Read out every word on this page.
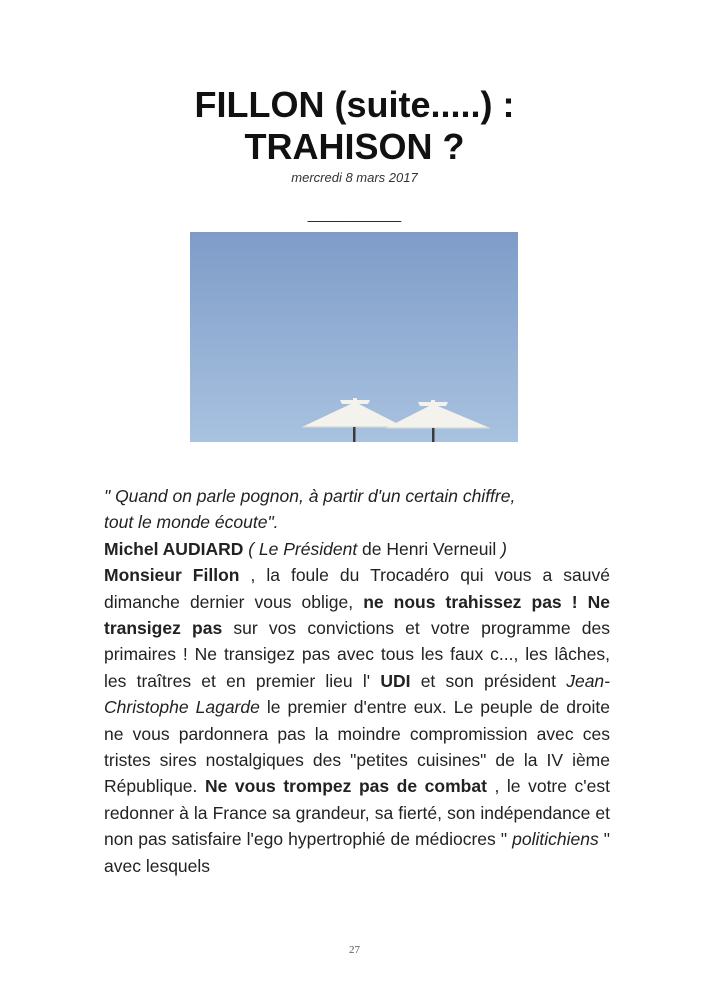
FILLON (suite.....) :
TRAHISON ?
mercredi 8 mars 2017
____________

" Quand on parle pognon, à partir d'un certain chiffre,
tout le monde écoute".

Michel AUDIARD ( Le Président de Henri Verneuil )

Monsieur Fillon , la foule du Trocadéro qui vous a sauvé dimanche dernier vous oblige, ne nous trahissez pas ! Ne transigez pas sur vos convictions et votre programme des primaires ! Ne transigez pas avec tous les faux c..., les lâches, les traîtres et en premier lieu l' UDI et son président Jean-Christophe Lagarde le premier d'entre eux. Le peuple de droite ne vous pardonnera pas la moindre compromission avec ces tristes sires nostalgiques des "petites cuisines" de la IV ième République. Ne vous trompez pas de combat , le votre c'est redonner à la France sa grandeur, sa fierté, son indépendance et non pas satisfaire l'ego hypertrophié de médiocres " politichiens " avec lesquels

27
